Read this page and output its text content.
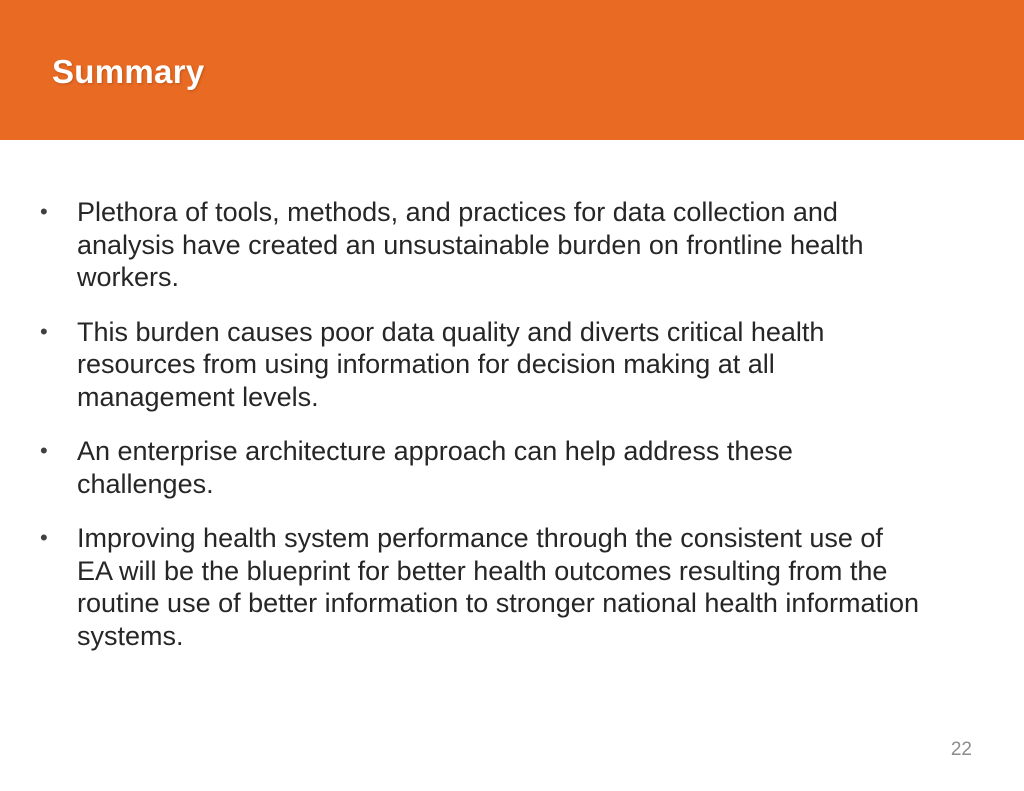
Summary
•	Plethora of tools, methods, and practices for data collection and analysis have created an unsustainable burden on frontline health workers.
•	This burden causes poor data quality and diverts critical health resources from using information for decision making at all management levels.
•	An enterprise architecture approach can help address these challenges.
•	Improving health system performance through the consistent use of EA will be the blueprint for better health outcomes resulting from the routine use of better information to stronger national health information systems.
22
